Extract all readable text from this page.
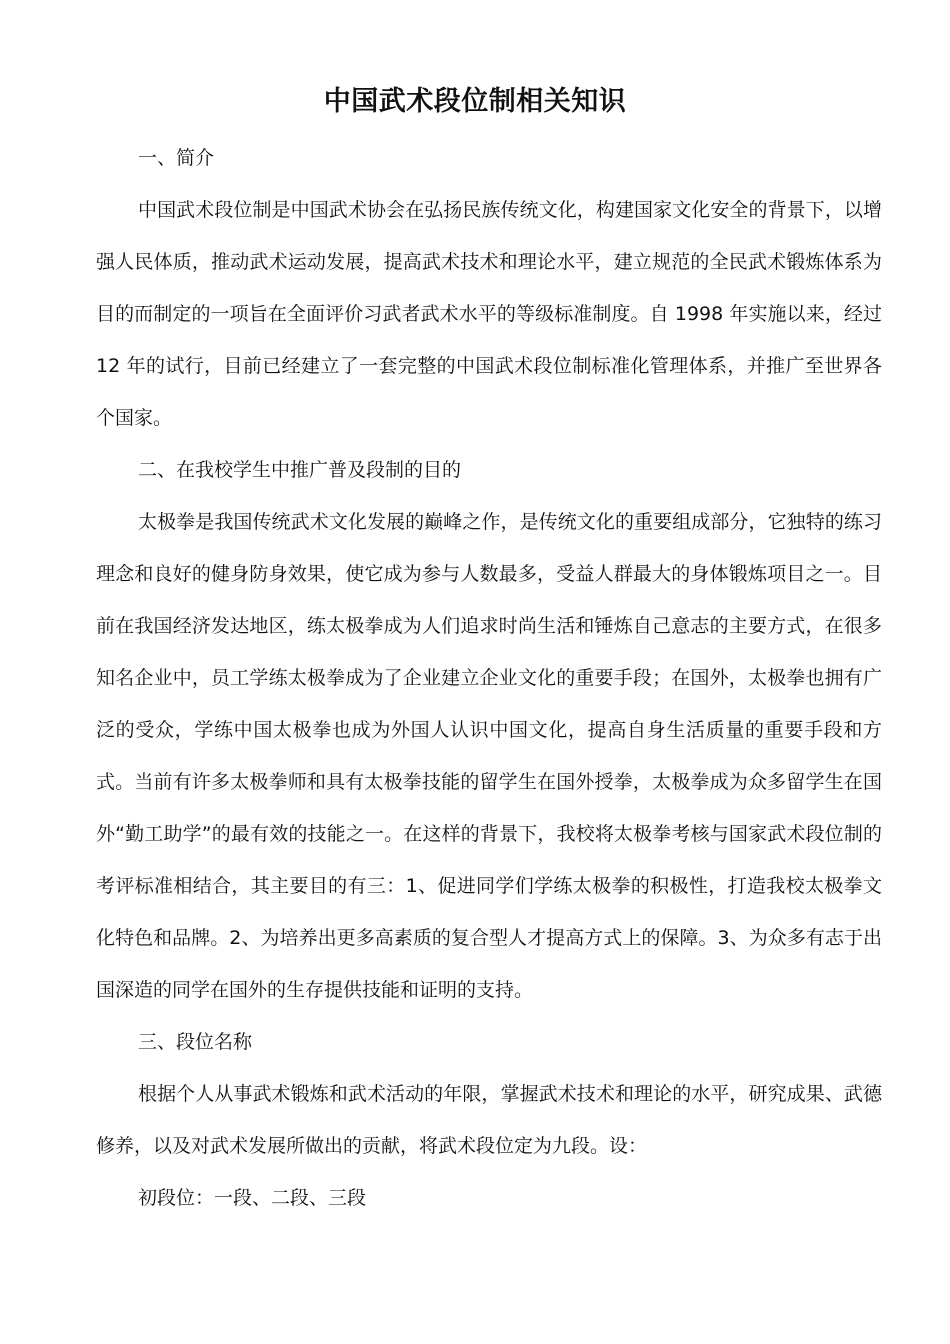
中国武术段位制相关知识

一、简介

中国武术段位制是中国武术协会在弘扬民族传统文化，构建国家文化安全的背景下，以增强人民体质，推动武术运动发展，提高武术技术和理论水平，建立规范的全民武术锻炼体系为目的而制定的一项旨在全面评价习武者武术水平的等级标准制度。自 1998 年实施以来，经过 12 年的试行，目前已经建立了一套完整的中国武术段位制标准化管理体系，并推广至世界各个国家。

二、在我校学生中推广普及段制的目的

太极拳是我国传统武术文化发展的巅峰之作，是传统文化的重要组成部分，它独特的练习理念和良好的健身防身效果，使它成为参与人数最多，受益人群最大的身体锻炼项目之一。目前在我国经济发达地区，练太极拳成为人们追求时尚生活和锤炼自己意志的主要方式，在很多知名企业中，员工学练太极拳成为了企业建立企业文化的重要手段；在国外，太极拳也拥有广泛的受众，学练中国太极拳也成为外国人认识中国文化，提高自身生活质量的重要手段和方式。当前有许多太极拳师和具有太极拳技能的留学生在国外授拳，太极拳成为众多留学生在国外“勤工助学”的最有效的技能之一。在这样的背景下，我校将太极拳考核与国家武术段位制的考评标准相结合，其主要目的有三：1、促进同学们学练太极拳的积极性，打造我校太极拳文化特色和品牌。2、为培养出更多高素质的复合型人才提高方式上的保障。3、为众多有志于出国深造的同学在国外的生存提供技能和证明的支持。

三、段位名称

根据个人从事武术锻炼和武术活动的年限，掌握武术技术和理论的水平，研究成果、武德修养，以及对武术发展所做出的贡献，将武术段位定为九段。设：

初段位：一段、二段、三段
